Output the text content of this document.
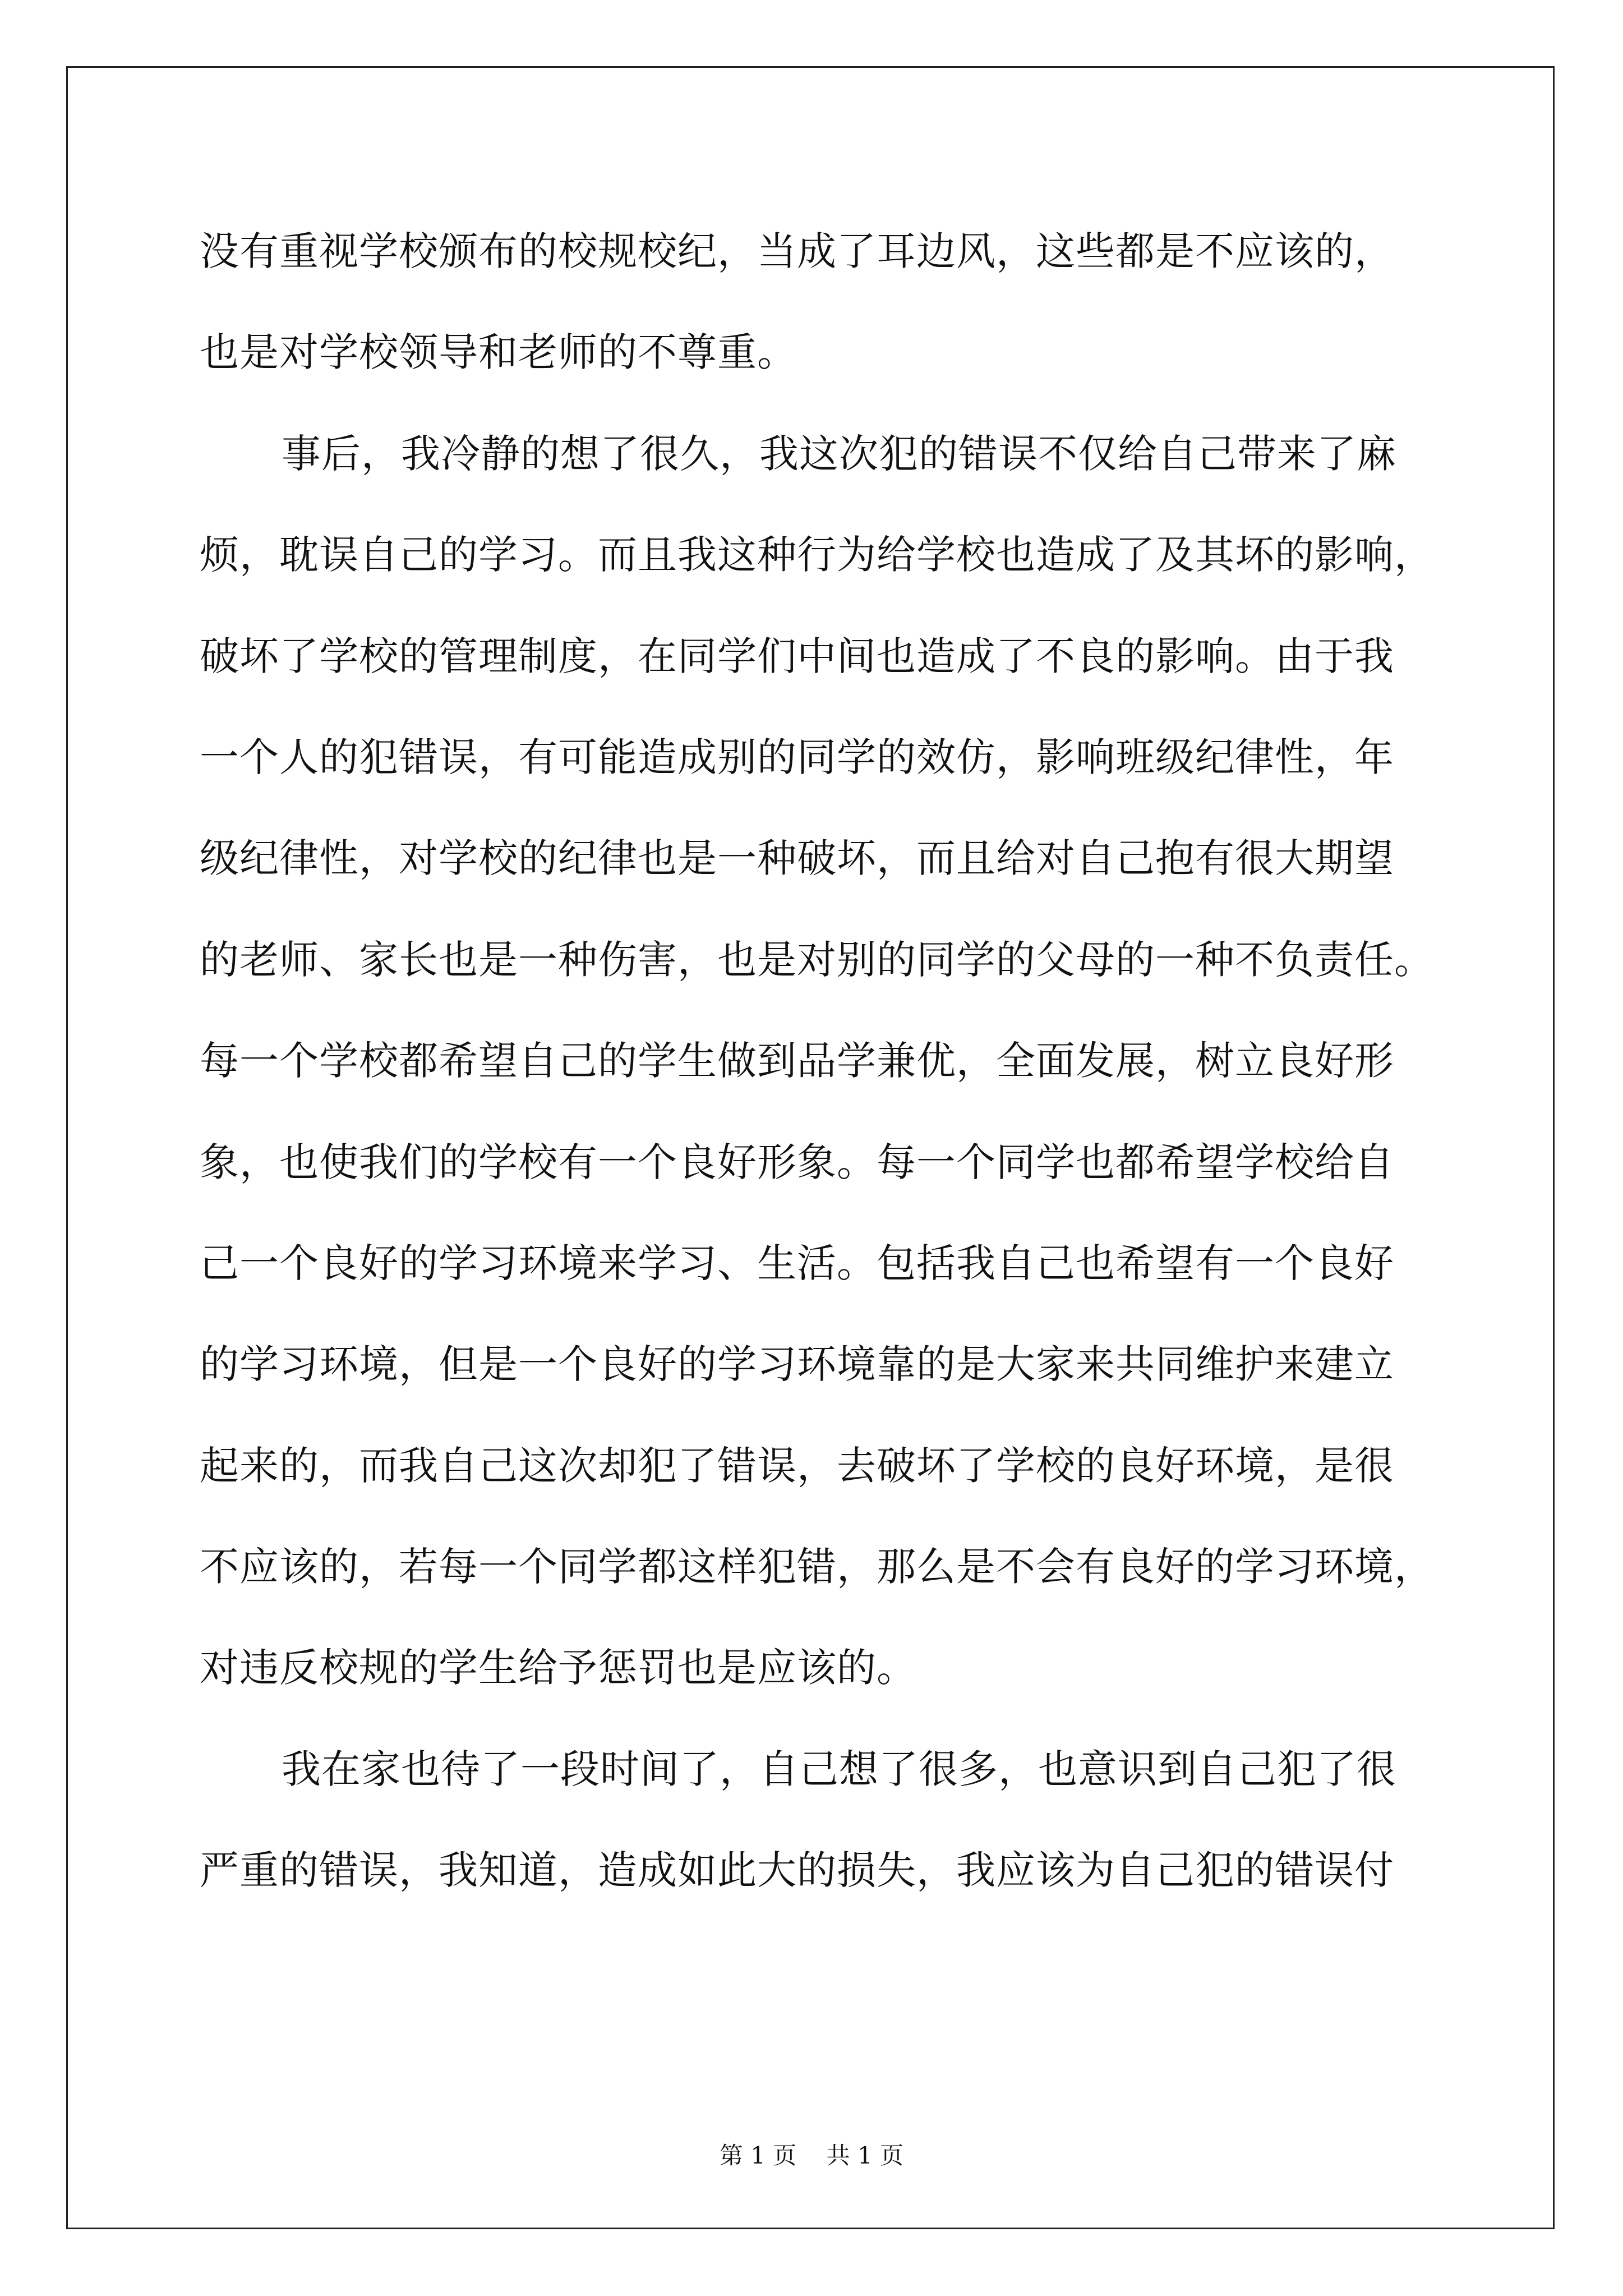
没有重视学校颁布的校规校纪，当成了耳边风，这些都是不应该的，
也是对学校领导和老师的不尊重。
事后，我冷静的想了很久，我这次犯的错误不仅给自己带来了麻
烦，耽误自己的学习。而且我这种行为给学校也造成了及其坏的影响，
破坏了学校的管理制度，在同学们中间也造成了不良的影响。由于我
一个人的犯错误，有可能造成别的同学的效仿，影响班级纪律性，年
级纪律性，对学校的纪律也是一种破坏，而且给对自己抱有很大期望
的老师、家长也是一种伤害，也是对别的同学的父母的一种不负责任。
每一个学校都希望自己的学生做到品学兼优，全面发展，树立良好形
象，也使我们的学校有一个良好形象。每一个同学也都希望学校给自
己一个良好的学习环境来学习、生活。包括我自己也希望有一个良好
的学习环境，但是一个良好的学习环境靠的是大家来共同维护来建立
起来的，而我自己这次却犯了错误，去破坏了学校的良好环境，是很
不应该的，若每一个同学都这样犯错，那么是不会有良好的学习环境，
对违反校规的学生给予惩罚也是应该的。
我在家也待了一段时间了，自己想了很多，也意识到自己犯了很
严重的错误，我知道，造成如此大的损失，我应该为自己犯的错误付
第 1 页 共 1 页
